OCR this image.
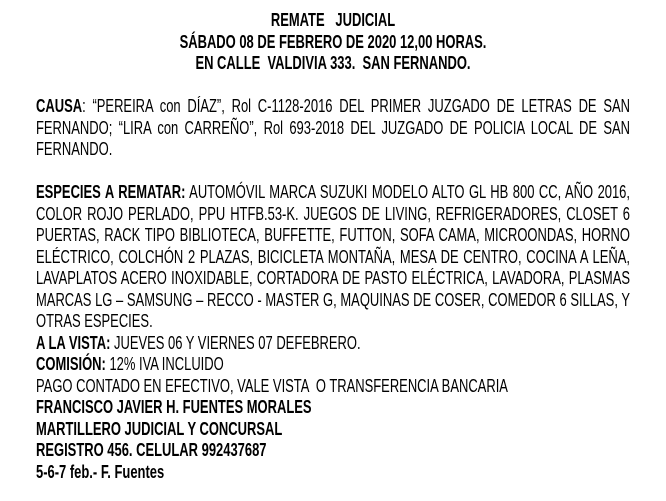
REMATE   JUDICIAL
SÁBADO 08 DE FEBRERO DE 2020 12,00 HORAS.
EN CALLE  VALDIVIA 333.  SAN FERNANDO.
CAUSA: “PEREIRA con DÍAZ”, Rol C-1128-2016 DEL PRIMER JUZGADO DE LETRAS DE SAN FERNANDO; “LIRA con CARREÑO”, Rol 693-2018 DEL JUZGADO DE POLICIA LOCAL DE SAN FERNANDO.
ESPECIES A REMATAR: AUTOMÓVIL MARCA SUZUKI MODELO ALTO GL HB 800 CC, AÑO 2016, COLOR ROJO PERLADO, PPU HTFB.53-K. JUEGOS DE LIVING, REFRIGERADORES, CLOSET 6 PUERTAS, RACK TIPO BIBLIOTECA, BUFFETTE, FUTTON, SOFA CAMA, MICROONDAS, HORNO ELÉCTRICO, COLCHÓN 2 PLAZAS, BICICLETA MONTAÑA, MESA DE CENTRO, COCINA A LEÑA, LAVAPLATOS ACERO INOXIDABLE, CORTADORA DE PASTO ELÉCTRICA, LAVADORA, PLASMAS MARCAS LG – SAMSUNG – RECCO - MASTER G, MAQUINAS DE COSER, COMEDOR 6 SILLAS, Y OTRAS ESPECIES.
A LA VISTA: JUEVES 06 Y VIERNES 07 DEFEBRERO.
COMISIÓN: 12% IVA INCLUIDO
PAGO CONTADO EN EFECTIVO, VALE VISTA  O TRANSFERENCIA BANCARIA
FRANCISCO JAVIER H. FUENTES MORALES
MARTILLERO JUDICIAL Y CONCURSAL
REGISTRO 456. CELULAR 992437687
5-6-7 feb.- F. Fuentes
